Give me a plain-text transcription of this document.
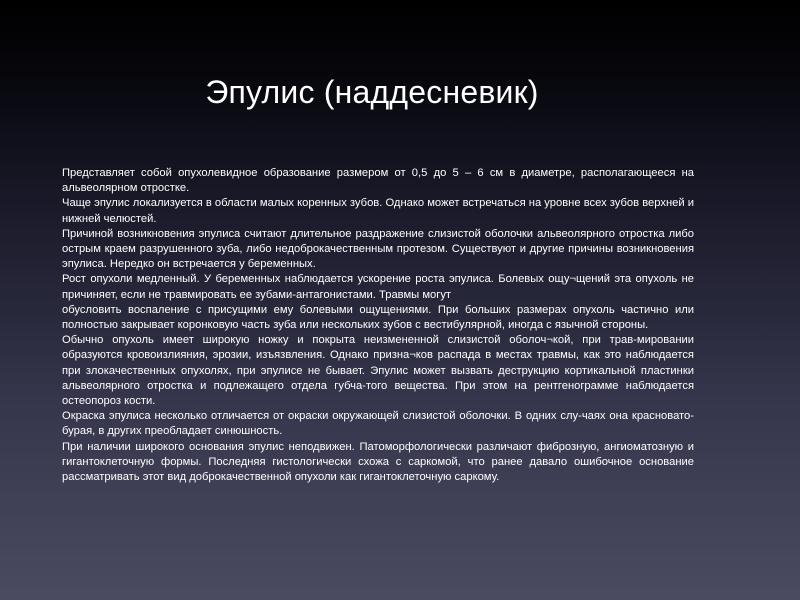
Эпулис (наддесневик)

Представляет собой опухолевидное образование размером от 0,5 до 5 – 6 см в диаметре, располагающееся на альвеолярном отростке.

Чаще эпулис локализуется в области малых коренных зубов. Однако может встречаться на уровне всех зубов верхней и нижней челюстей.

Причиной возникновения эпулиса считают длительное раздражение слизистой оболочки альвеолярного отростка либо острым краем разрушенного зуба, либо недоброкачественным протезом. Существуют и другие причины возникновения эпулиса. Нередко он встречается у беременных.

Рост опухоли медленный. У беременных наблюдается ускорение роста эпулиса. Болевых ощу¬щений эта опухоль не причиняет, если не травмировать ее зубами-антагонистами. Травмы могут

обусловить воспаление с присущими ему болевыми ощущениями. При больших размерах опухоль частично или полностью закрывает коронковую часть зуба или нескольких зубов с вестибулярной, иногда с язычной стороны.

Обычно опухоль имеет широкую ножку и покрыта неизмененной слизистой оболоч¬кой, при трав-мировании образуются кровоизлияния, эрозии, изъязвления. Однако призна¬ков распада в местах травмы, как это наблюдается при злокачественных опухолях, при эпулисе не бывает. Эпулис может вызвать деструкцию кортикальной пластинки альвеолярного отростка и подлежащего отдела губча-того вещества. При этом на рентгенограмме наблюдается остеопороз кости.

Окраска эпулиса несколько отличается от окраски окружающей слизистой оболочки. В одних слу-чаях она красновато-бурая, в других преобладает синюшность.

При наличии широкого основания эпулис неподвижен. Патоморфологически различают фиброзную, ангиоматозную и гигантоклеточную формы. Последняя гистологически схожа с саркомой, что ранее давало ошибочное основание рассматривать этот вид доброкачественной опухоли как гигантоклеточную саркому.
